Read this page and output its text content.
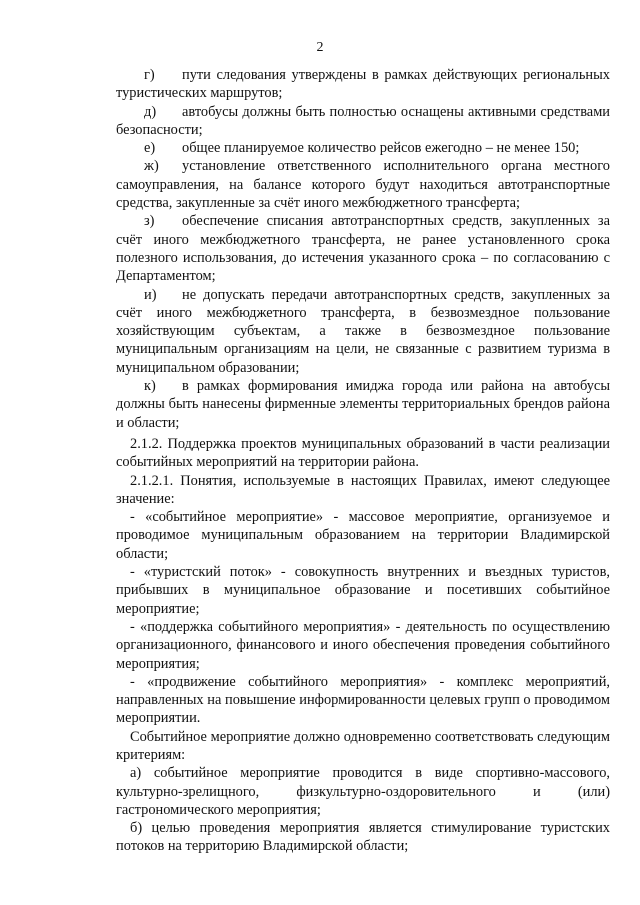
2

г) пути следования утверждены в рамках действующих региональных туристических маршрутов;

д) автобусы должны быть полностью оснащены активными средствами безопасности;

е) общее планируемое количество рейсов ежегодно – не менее 150;

ж) установление ответственного исполнительного органа местного самоуправления, на балансе которого будут находиться автотранспортные средства, закупленные за счёт иного межбюджетного трансферта;

з) обеспечение списания автотранспортных средств, закупленных за счёт иного межбюджетного трансферта, не ранее установленного срока полезного использования, до истечения указанного срока – по согласованию с Департаментом;

и) не допускать передачи автотранспортных средств, закупленных за счёт иного межбюджетного трансферта, в безвозмездное пользование хозяйствующим субъектам, а также в безвозмездное пользование муниципальным организациям на цели, не связанные с развитием туризма в муниципальном образовании;

к) в рамках формирования имиджа города или района на автобусы должны быть нанесены фирменные элементы территориальных брендов района и области;

2.1.2. Поддержка проектов муниципальных образований в части реализации событийных мероприятий на территории района.

2.1.2.1. Понятия, используемые в настоящих Правилах, имеют следующее значение:

- «событийное мероприятие» - массовое мероприятие, организуемое и проводимое муниципальным образованием на территории Владимирской области;

- «туристский поток» - совокупность внутренних и въездных туристов, прибывших в муниципальное образование и посетивших событийное мероприятие;

- «поддержка событийного мероприятия» - деятельность по осуществлению организационного, финансового и иного обеспечения проведения событийного мероприятия;

- «продвижение событийного мероприятия» - комплекс мероприятий, направленных на повышение информированности целевых групп о проводимом мероприятии.

Событийное мероприятие должно одновременно соответствовать следующим критериям:

а) событийное мероприятие проводится в виде спортивно-массового, культурно-зрелищного, физкультурно-оздоровительного и (или) гастрономического мероприятия;

б) целью проведения мероприятия является стимулирование туристских потоков на территорию Владимирской области;
